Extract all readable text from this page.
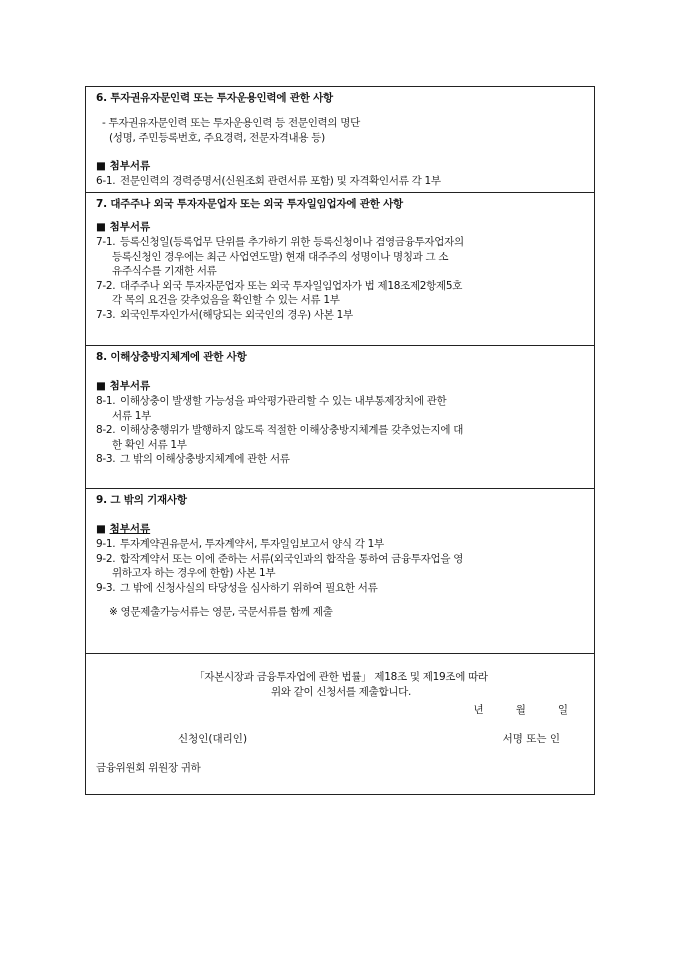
6. 투자권유자문인력 또는 투자운용인력에 관한 사항
- 투자권유자문인력 또는 투자운용인력 등 전문인력의 명단
(성명, 주민등록번호, 주요경력, 전문자격내용 등)
■ 첨부서류
6-1. 전문인력의 경력증명서(신원조회 관련서류 포함) 및 자격확인서류 각 1부
7. 대주주나 외국 투자자문업자 또는 외국 투자일임업자에 관한 사항
■ 첨부서류
7-1. 등록신청일(등록업무 단위를 추가하기 위한 등록신청이나 겸영금융투자업자의
등록신청인 경우에는 최근 사업연도말) 현재 대주주의 성명이나 명칭과 그 소
유주식수를 기재한 서류
7-2. 대주주나 외국 투자자문업자 또는 외국 투자일임업자가 법 제18조제2항제5호
각 목의 요건을 갖추었음을 확인할 수 있는 서류 1부
7-3. 외국인투자인가서(해당되는 외국인의 경우) 사본 1부
8. 이해상충방지체계에 관한 사항
■ 첨부서류
8-1. 이해상충이 발생할 가능성을 파악평가관리할 수 있는 내부통제장치에 관한
서류 1부
8-2. 이해상충행위가 발행하지 않도록 적절한 이해상충방지체계를 갖추었는지에 대
한 확인 서류 1부
8-3. 그 밖의 이해상충방지체계에 관한 서류
9. 그 밖의 기재사항
■ 첨부서류
9-1. 투자계약권유문서, 투자계약서, 투자일임보고서 양식 각 1부
9-2. 합작계약서 또는 이에 준하는 서류(외국인과의 합작을 통하여 금융투자업을 영
위하고자 하는 경우에 한함) 사본 1부
9-3. 그 밖에 신청사실의 타당성을 심사하기 위하여 필요한 서류
※ 영문제출가능서류는 영문, 국문서류를 함께 제출
「자본시장과 금융투자업에 관한 법률」 제18조 및 제19조에 따라
위와 같이 신청서를 제출합니다.
년	월	일
신청인(대리인)	서명 또는 인
금융위원회 위원장 귀하
